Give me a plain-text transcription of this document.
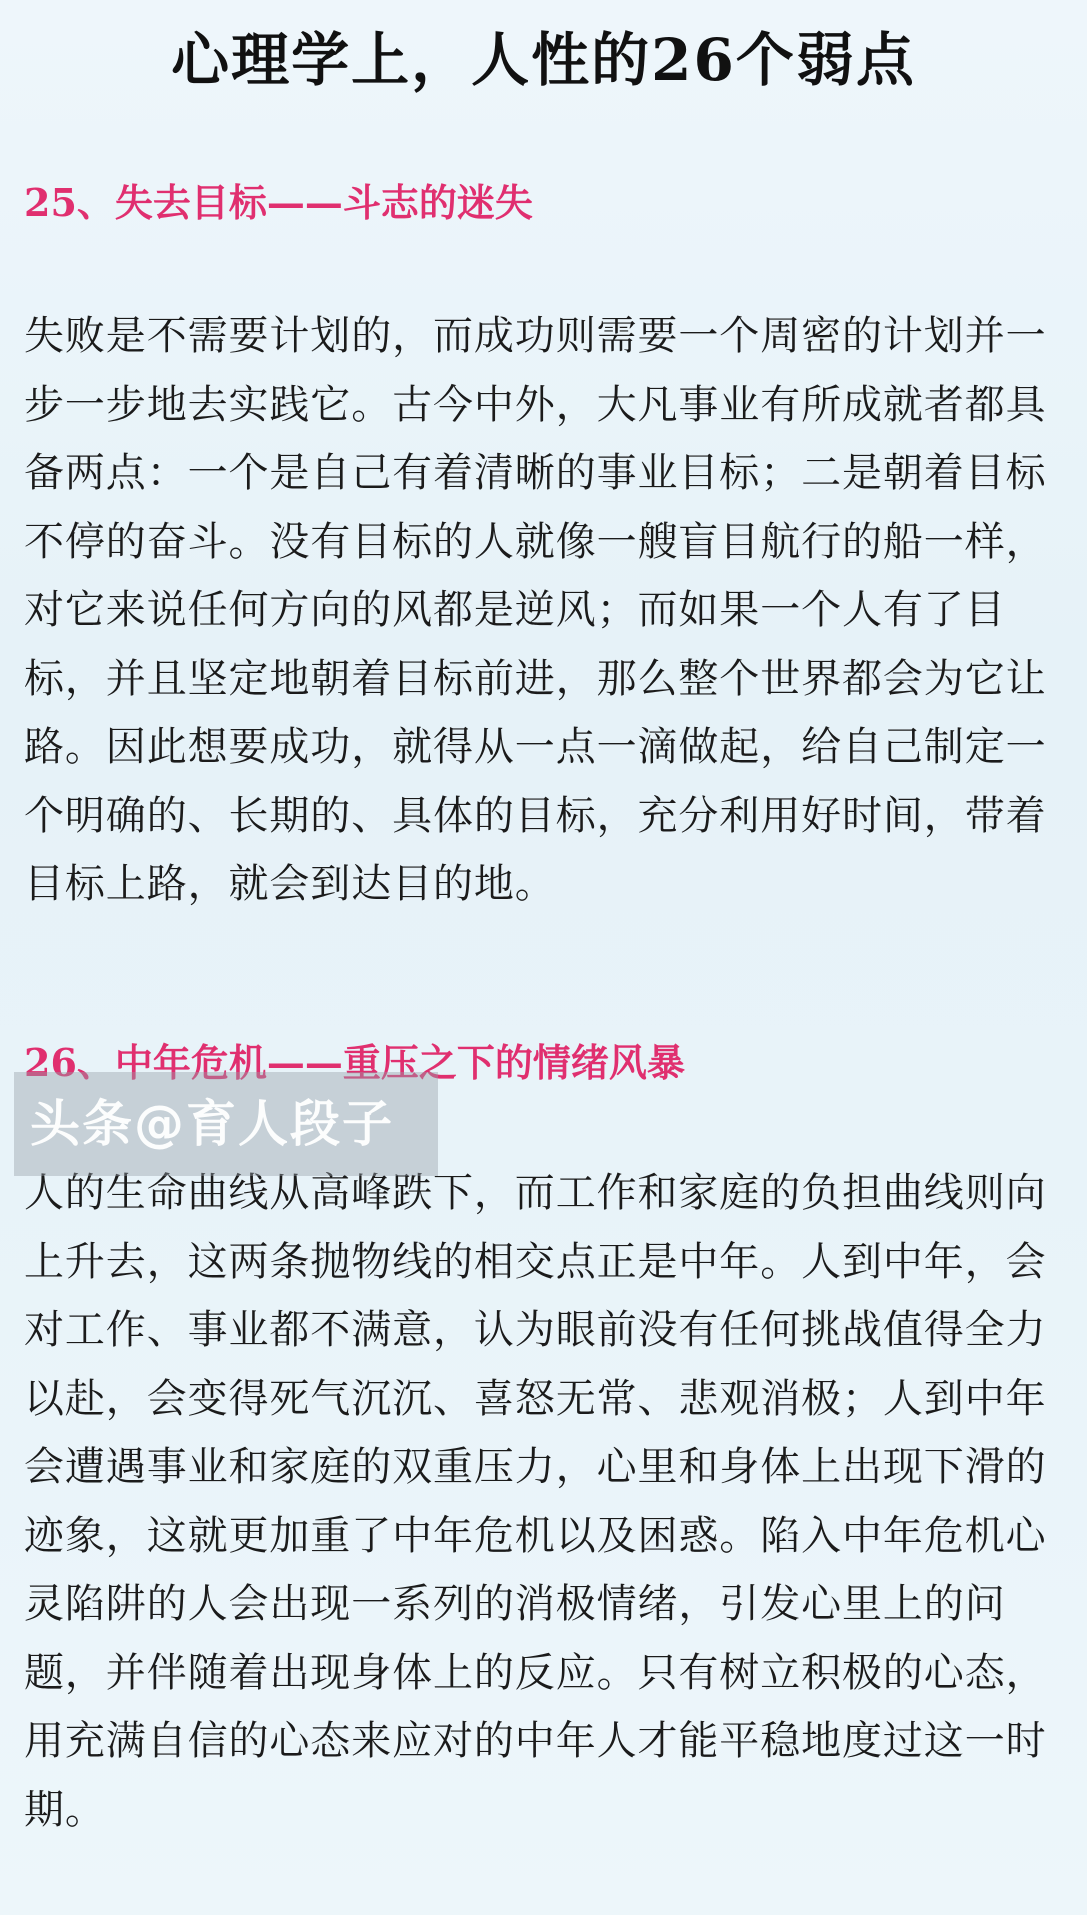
心理学上，人性的26个弱点
25、失去目标——斗志的迷失

失败是不需要计划的，而成功则需要一个周密的计划并一步一步地去实践它。古今中外，大凡事业有所成就者都具备两点：一个是自己有着清晰的事业目标；二是朝着目标不停的奋斗。没有目标的人就像一艘盲目航行的船一样，对它来说任何方向的风都是逆风；而如果一个人有了目标，并且坚定地朝着目标前进，那么整个世界都会为它让路。因此想要成功，就得从一点一滴做起，给自己制定一个明确的、长期的、具体的目标，充分利用好时间，带着目标上路，就会到达目的地。

26、中年危机——重压之下的情绪风暴

人的生命曲线从高峰跌下，而工作和家庭的负担曲线则向上升去，这两条抛物线的相交点正是中年。人到中年，会对工作、事业都不满意，认为眼前没有任何挑战值得全力以赴，会变得死气沉沉、喜怒无常、悲观消极；人到中年会遭遇事业和家庭的双重压力，心里和身体上出现下滑的迹象，这就更加重了中年危机以及困惑。陷入中年危机心灵陷阱的人会出现一系列的消极情绪，引发心里上的问题，并伴随着出现身体上的反应。只有树立积极的心态，用充满自信的心态来应对的中年人才能平稳地度过这一时期。

头条@育人段子
